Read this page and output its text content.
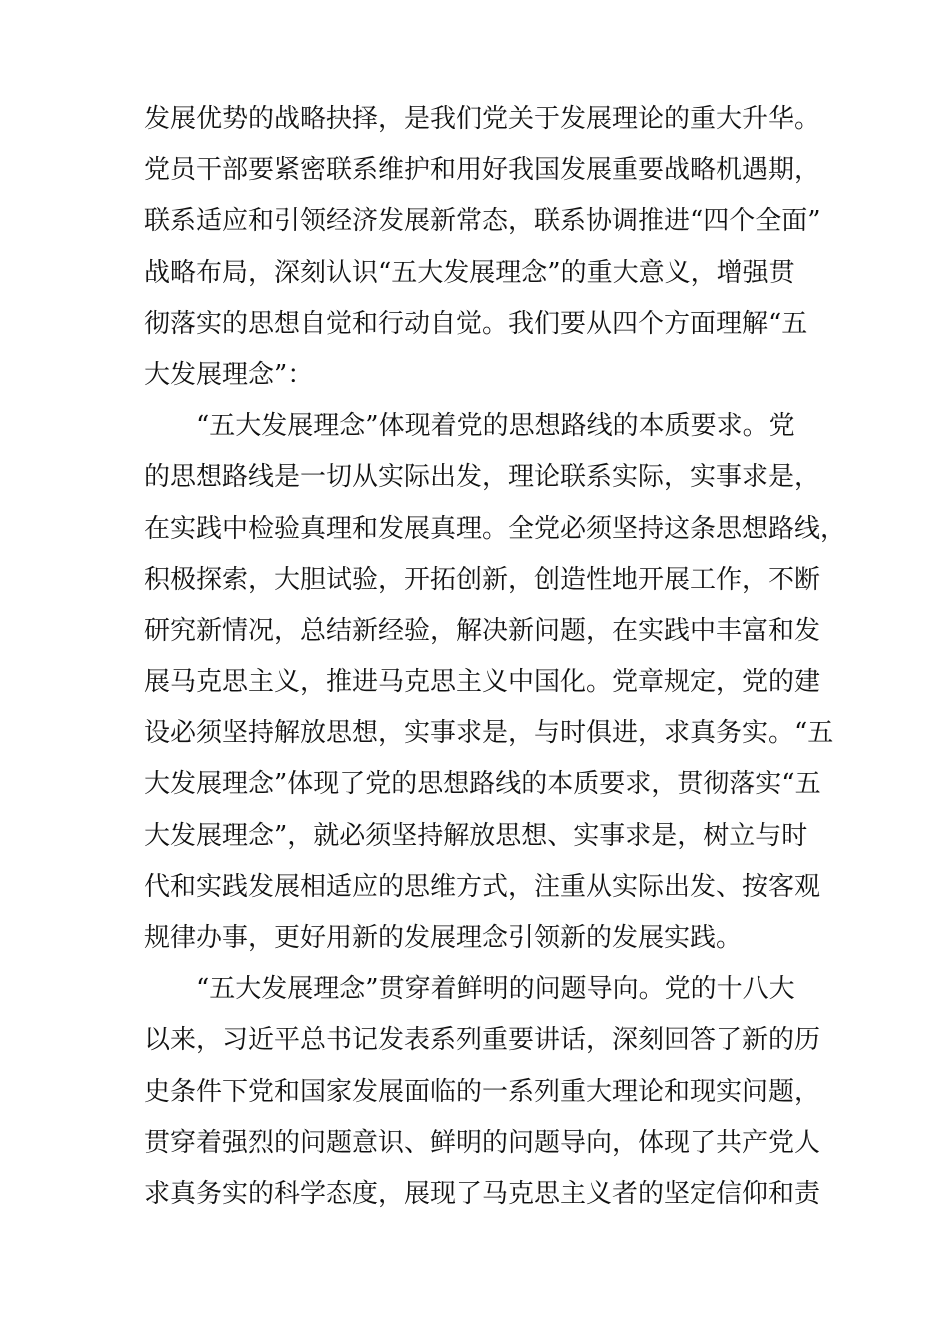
发展优势的战略抉择，是我们党关于发展理论的重大升华。
党员干部要紧密联系维护和用好我国发展重要战略机遇期，
联系适应和引领经济发展新常态，联系协调推进“四个全面”
战略布局，深刻认识“五大发展理念”的重大意义，增强贯
彻落实的思想自觉和行动自觉。我们要从四个方面理解“五
大发展理念”：
　　“五大发展理念”体现着党的思想路线的本质要求。党
的思想路线是一切从实际出发，理论联系实际，实事求是，
在实践中检验真理和发展真理。全党必须坚持这条思想路线，
积极探索，大胆试验，开拓创新，创造性地开展工作，不断
研究新情况，总结新经验，解决新问题，在实践中丰富和发
展马克思主义，推进马克思主义中国化。党章规定，党的建
设必须坚持解放思想，实事求是，与时俱进，求真务实。“五
大发展理念”体现了党的思想路线的本质要求，贯彻落实“五
大发展理念”，就必须坚持解放思想、实事求是，树立与时
代和实践发展相适应的思维方式，注重从实际出发、按客观
规律办事，更好用新的发展理念引领新的发展实践。
　　“五大发展理念”贯穿着鲜明的问题导向。党的十八大
以来，习近平总书记发表系列重要讲话，深刻回答了新的历
史条件下党和国家发展面临的一系列重大理论和现实问题，
贯穿着强烈的问题意识、鲜明的问题导向，体现了共产党人
求真务实的科学态度，展现了马克思主义者的坚定信仰和责
